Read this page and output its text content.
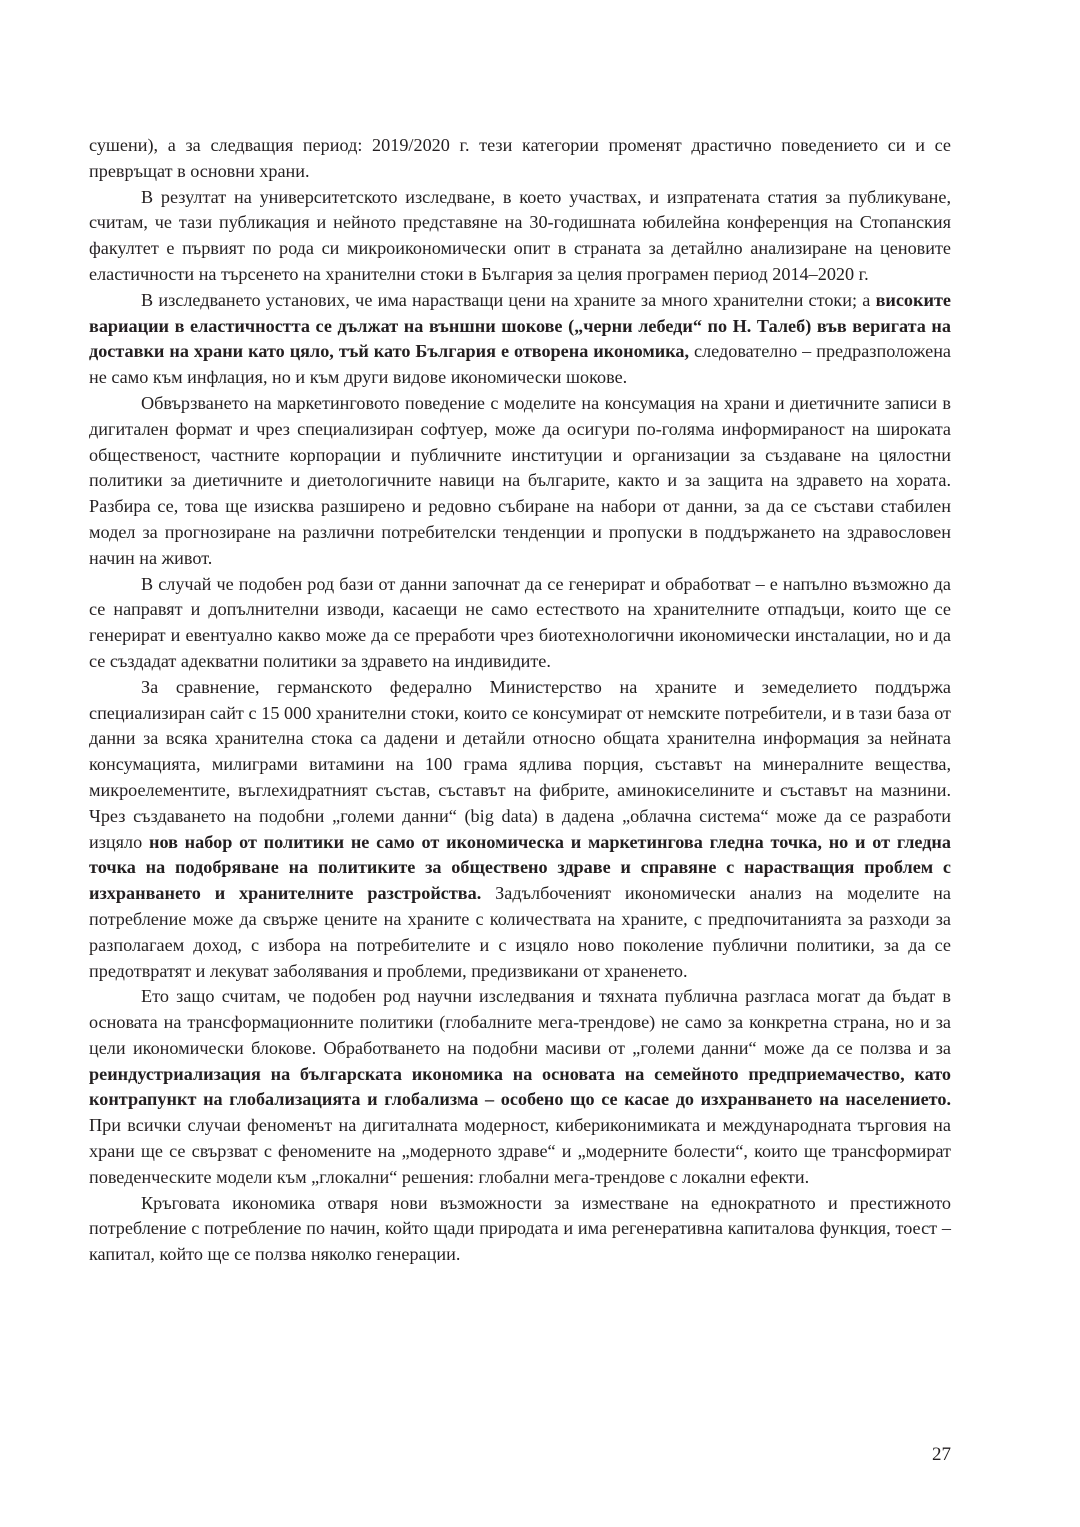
сушени), а за следващия период: 2019/2020 г. тези категории променят драстично поведението си и се превръщат в основни храни.

В резултат на университетското изследване, в което участвах, и изпратената статия за публикуване, считам, че тази публикация и нейното представяне на 30-годишната юбилейна конференция на Стопанския факултет е първият по рода си микроикономически опит в страната за детайлно анализиране на ценовите еластичности на търсенето на хранителни стоки в България за целия програмен период 2014–2020 г.

В изследването установих, че има нарастващи цени на храните за много хранителни стоки; а високите вариации в еластичността се дължат на външни шокове („черни лебеди“ по Н. Талеб) във веригата на доставки на храни като цяло, тъй като България е отворена икономика, следователно – предразположена не само към инфлация, но и към други видове икономически шокове.

Обвързването на маркетинговото поведение с моделите на консумация на храни и диетичните записи в дигитален формат и чрез специализиран софтуер, може да осигури по-голяма информираност на широката общественост, частните корпорации и публичните институции и организации за създаване на цялостни политики за диетичните и диетологичните навици на българите, както и за защита на здравето на хората. Разбира се, това ще изисква разширено и редовно събиране на набори от данни, за да се състави стабилен модел за прогнозиране на различни потребителски тенденции и пропуски в поддържането на здравословен начин на живот.

В случай че подобен род бази от данни започнат да се генерират и обработват – е напълно възможно да се направят и допълнителни изводи, касаещи не само естеството на хранителните отпадъци, които ще се генерират и евентуално какво може да се преработи чрез биотехнологични икономически инсталации, но и да се създадат адекватни политики за здравето на индивидите.

За сравнение, германското федерално Министерство на храните и земеделието поддържа специализиран сайт с 15 000 хранителни стоки, които се консумират от немските потребители, и в тази база от данни за всяка хранителна стока са дадени и детайли относно общата хранителна информация за нейната консумацията, милиграми витамини на 100 грама ядлива порция, съставът на минералните вещества, микроелементите, въглехидратният състав, съставът на фибрите, аминокиселините и съставът на мазнини. Чрез създаването на подобни „големи данни“ (big data) в дадена „облачна система“ може да се разработи изцяло нов набор от политики не само от икономическа и маркетингова гледна точка, но и от гледна точка на подобряване на политиките за обществено здраве и справяне с нарастващия проблем с изхранването и хранителните разстройства. Задълбоченият икономически анализ на моделите на потребление може да свърже цените на храните с количествата на храните, с предпочитанията за разходи за разполагаем доход, с избора на потребителите и с изцяло ново поколение публични политики, за да се предотвратят и лекуват заболявания и проблеми, предизвикани от храненето.

Ето защо считам, че подобен род научни изследвания и тяхната публична разгласа могат да бъдат в основата на трансформационните политики (глобалните мега-трендове) не само за конкретна страна, но и за цели икономически блокове. Обработването на подобни масиви от „големи данни“ може да се ползва и за реиндустриализация на българската икономика на основата на семейното предприемачество, като контрапункт на глобализацията и глобализма – особено що се касае до изхранването на населението. При всички случаи феноменът на дигиталната модерност, кибериконимиката и международната търговия на храни ще се свързват с феномените на „модерното здраве“ и „модерните болести“, които ще трансформират поведенческите модели към „глокални“ решения: глобални мега-трендове с локални ефекти.

Кръговата икономика отваря нови възможности за изместване на еднократното и престижното потребление с потребление по начин, който щади природата и има регенеративна капиталова функция, тоест – капитал, който ще се ползва няколко генерации.

27
